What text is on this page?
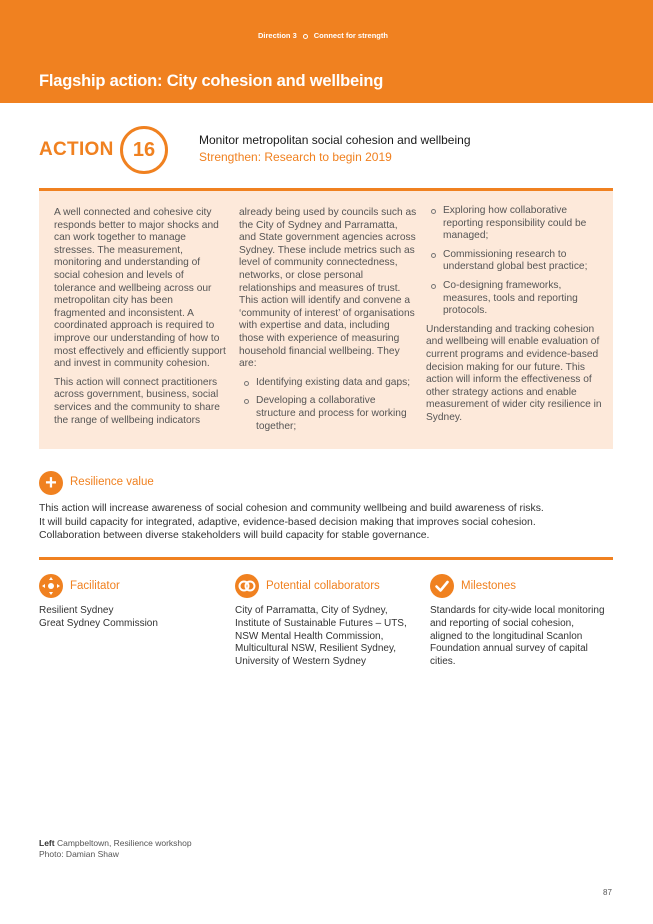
Direction 3 Connect for strength
Flagship action: City cohesion and wellbeing
ACTION 16	Monitor metropolitan social cohesion and wellbeing
Strengthen: Research to begin 2019

A well connected and cohesive city responds better to major shocks and can work together to manage stresses. The measurement, monitoring and understanding of social cohesion and levels of tolerance and wellbeing across our metropolitan city has been fragmented and inconsistent. A coordinated approach is required to improve our understanding of how to most effectively and efficiently support and invest in community cohesion.

This action will connect practitioners across government, business, social services and the community to share the range of wellbeing indicators

already being used by councils such as the City of Sydney and Parramatta, and State government agencies across Sydney. These include metrics such as level of community connectedness, networks, or close personal relationships and measures of trust. This action will identify and convene a ‘community of interest’ of organisations with expertise and data, including those with experience of measuring household financial wellbeing. They are:

Identifying existing data and gaps;
Developing a collaborative structure and process for working together;
Exploring how collaborative reporting responsibility could be managed;
Commissioning research to understand global best practice;
Co-designing frameworks, measures, tools and reporting protocols.

Understanding and tracking cohesion and wellbeing will enable evaluation of current programs and evidence-based decision making for our future. This action will inform the effectiveness of other strategy actions and enable measurement of wider city resilience in Sydney.

+	Resilience value

This action will increase awareness of social cohesion and community wellbeing and build awareness of risks.

It will build capacity for integrated, adaptive, evidence-based decision making that improves social cohesion.

Collaboration between diverse stakeholders will build capacity for stable governance.

Facilitator

Resilient Sydney

Great Sydney Commission

Potential collaborators
City of Parramatta, City of Sydney, Institute of Sustainable Futures – UTS, NSW Mental Health Commission, Multicultural NSW, Resilient Sydney, University of Western Sydney
Milestones
Standards for city-wide local monitoring and reporting of social cohesion, aligned to the longitudinal Scanlon Foundation annual survey of capital cities.
Left Campbeltown, Resilience workshop
Photo: Damian Shaw
87
